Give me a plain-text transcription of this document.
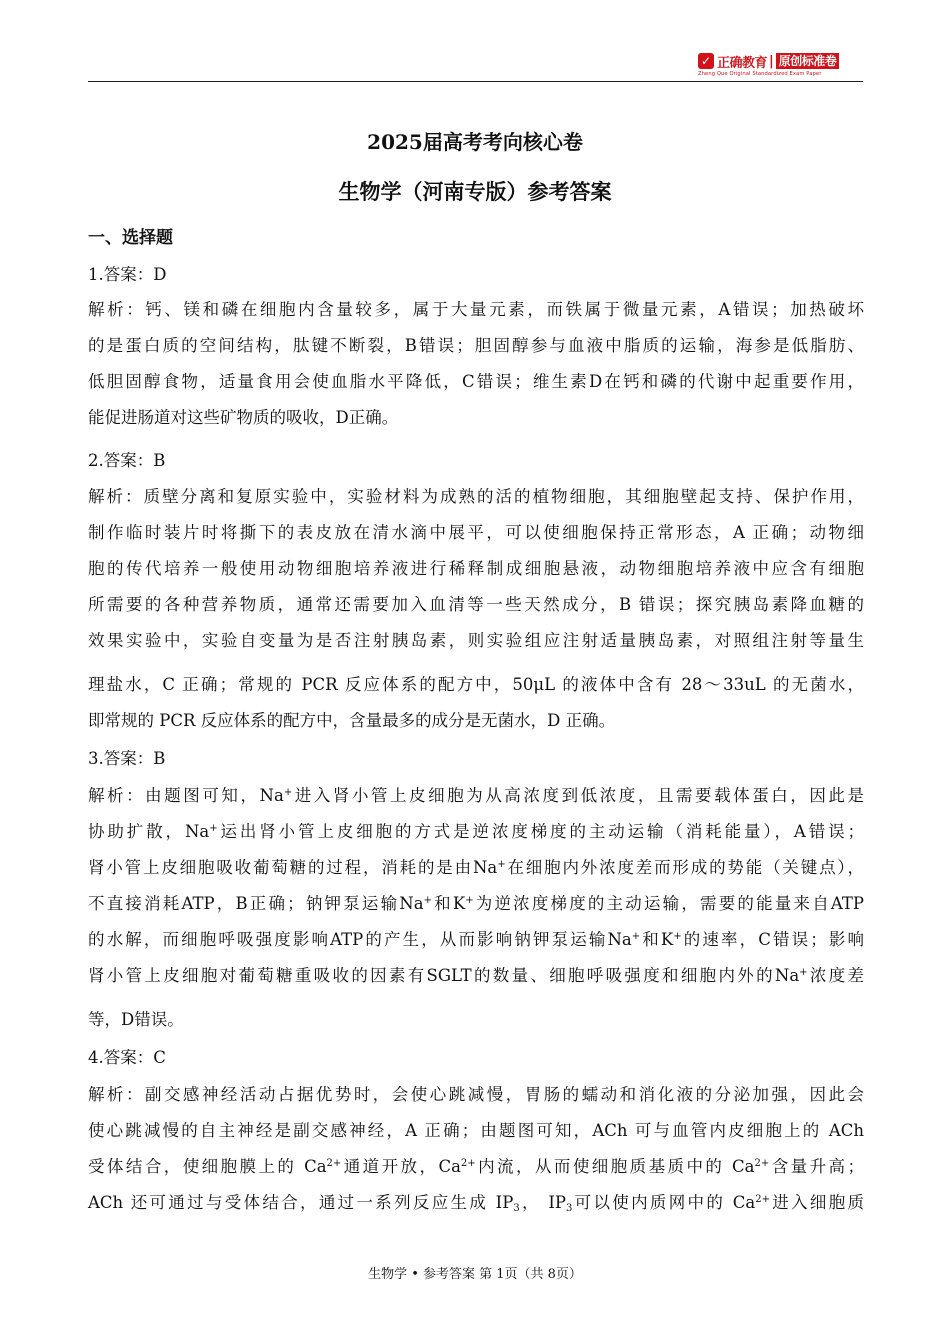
✓ 正确教育 | 原创标准卷
Zheng Que Original Standardized Exam Paper
2025届高考考向核心卷
生物学（河南专版）参考答案
一、选择题
1.答案：D
解析：钙、镁和磷在细胞内含量较多，属于大量元素，而铁属于微量元素，A错误；加热破坏
的是蛋白质的空间结构，肽键不断裂，B错误；胆固醇参与血液中脂质的运输，海参是低脂肪、
低胆固醇食物，适量食用会使血脂水平降低，C错误；维生素D在钙和磷的代谢中起重要作用，
能促进肠道对这些矿物质的吸收，D正确。
2.答案：B
解析：质壁分离和复原实验中，实验材料为成熟的活的植物细胞，其细胞壁起支持、保护作用，
制作临时装片时将撕下的表皮放在清水滴中展平，可以使细胞保持正常形态，A 正确；动物细
胞的传代培养一般使用动物细胞培养液进行稀释制成细胞悬液，动物细胞培养液中应含有细胞
所需要的各种营养物质，通常还需要加入血清等一些天然成分，B 错误；探究胰岛素降血糖的
效果实验中，实验自变量为是否注射胰岛素，则实验组应注射适量胰岛素，对照组注射等量生
理盐水，C 正确；常规的 PCR 反应体系的配方中，50μL 的液体中含有 28～33uL 的无菌水，
即常规的 PCR 反应体系的配方中，含量最多的成分是无菌水，D 正确。
3.答案：B
解析：由题图可知，Na+进入肾小管上皮细胞为从高浓度到低浓度，且需要载体蛋白，因此是
协助扩散，Na+运出肾小管上皮细胞的方式是逆浓度梯度的主动运输（消耗能量），A错误；
肾小管上皮细胞吸收葡萄糖的过程，消耗的是由Na+在细胞内外浓度差而形成的势能（关键点），
不直接消耗ATP，B正确；钠钾泵运输Na+和K+为逆浓度梯度的主动运输，需要的能量来自ATP
的水解，而细胞呼吸强度影响ATP的产生，从而影响钠钾泵运输Na+和K+的速率，C错误；影响
肾小管上皮细胞对葡萄糖重吸收的因素有SGLT的数量、细胞呼吸强度和细胞内外的Na+浓度差
等，D错误。
4.答案：C
解析：副交感神经活动占据优势时，会使心跳减慢，胃肠的蠕动和消化液的分泌加强，因此会
使心跳减慢的自主神经是副交感神经，A 正确；由题图可知，ACh 可与血管内皮细胞上的 ACh
受体结合，使细胞膜上的 $Ca^{2+}$通道开放，$Ca^{2+}$内流，从而使细胞质基质中的 $Ca^{2+}$含量升高；
ACh 还可通过与受体结合，通过一系列反应生成 $IP_3$， $IP_3$可以使内质网中的 $Ca^{2+}$进入细胞质
生物学 • 参考答案 第 1页（共 8页）
